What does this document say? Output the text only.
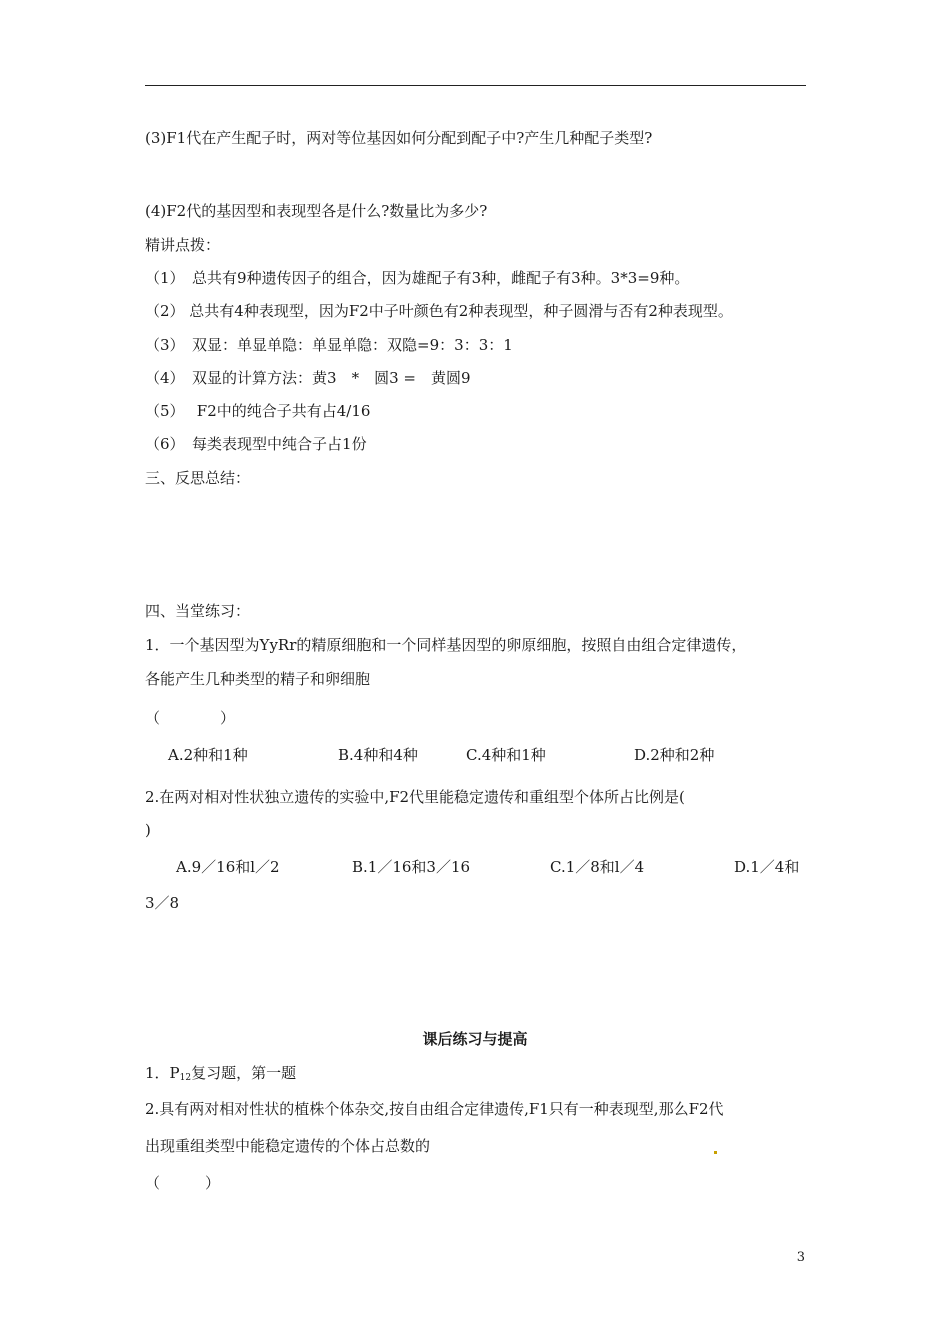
(3)F1代在产生配子时，两对等位基因如何分配到配子中?产生几种配子类型?
(4)F2代的基因型和表现型各是什么?数量比为多少?
精讲点拨：
（1）　总共有9种遗传因子的组合，因为雄配子有3种，雌配子有3种。3*3=9种。
（2） 总共有4种表现型，因为F2中子叶颜色有2种表现型，种子圆滑与否有2种表现型。
（3）　双显：单显单隐：单显单隐：双隐=9：3：3：1
（4）　双显的计算方法：黄3　*　圆3 =　黄圆9
（5）　 F2中的纯合子共有占4/16
（6）　每类表现型中纯合子占1份
三、反思总结：
四、当堂练习：
1．一个基因型为YyRr的精原细胞和一个同样基因型的卵原细胞，按照自由组合定律遗传，
各能产生几种类型的精子和卵细胞
（　　　　）
A.2种和1种	B.4种和4种	C.4种和1种	D.2种和2种
2.在两对相对性状独立遗传的实验中,F2代里能稳定遗传和重组型个体所占比例是(
)
A.9／16和l／2	B.1／16和3／16	C.1／8和l／4	D.1／4和
3／8
课后练习与提高
1．$P_{12}$复习题，第一题
2.具有两对相对性状的植株个体杂交,按自由组合定律遗传,F1只有一种表现型,那么F2代
出现重组类型中能稳定遗传的个体占总数的
（　　　）
3
